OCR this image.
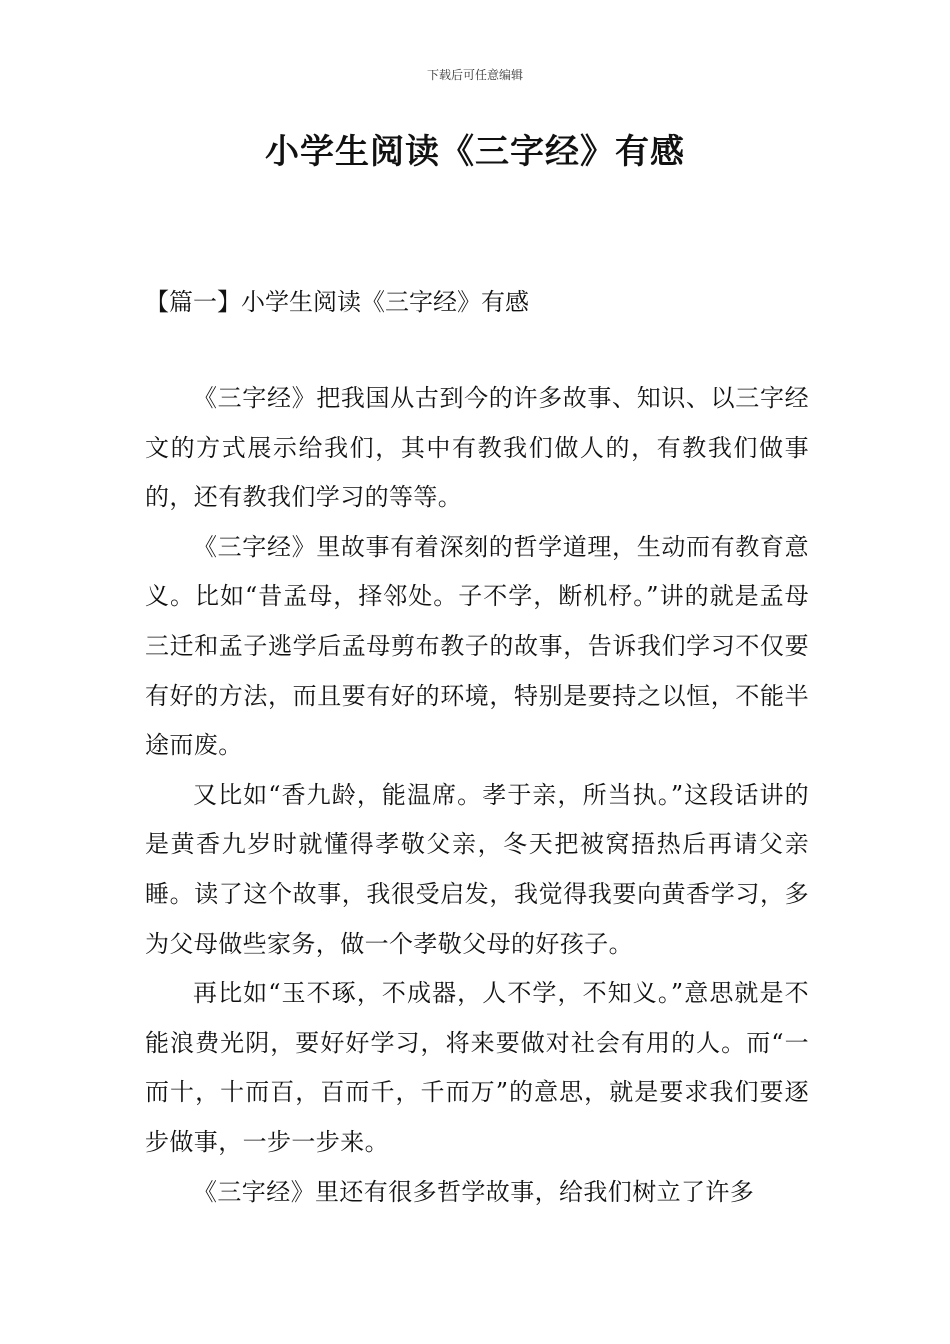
下载后可任意编辑
小学生阅读《三字经》有感
【篇一】小学生阅读《三字经》有感

《三字经》把我国从古到今的许多故事、知识、以三字经文的方式展示给我们，其中有教我们做人的，有教我们做事的，还有教我们学习的等等。

《三字经》里故事有着深刻的哲学道理，生动而有教育意义。比如“昔孟母，择邻处。子不学，断机杼。”讲的就是孟母三迁和孟子逃学后孟母剪布教子的故事，告诉我们学习不仅要有好的方法，而且要有好的环境，特别是要持之以恒，不能半途而废。

又比如“香九龄，能温席。孝于亲，所当执。”这段话讲的是黄香九岁时就懂得孝敬父亲，冬天把被窝捂热后再请父亲睡。读了这个故事，我很受启发，我觉得我要向黄香学习，多为父母做些家务，做一个孝敬父母的好孩子。

再比如“玉不琢，不成器，人不学，不知义。”意思就是不能浪费光阴，要好好学习，将来要做对社会有用的人。而“一而十，十而百，百而千，千而万”的意思，就是要求我们要逐步做事，一步一步来。

《三字经》里还有很多哲学故事，给我们树立了许多
